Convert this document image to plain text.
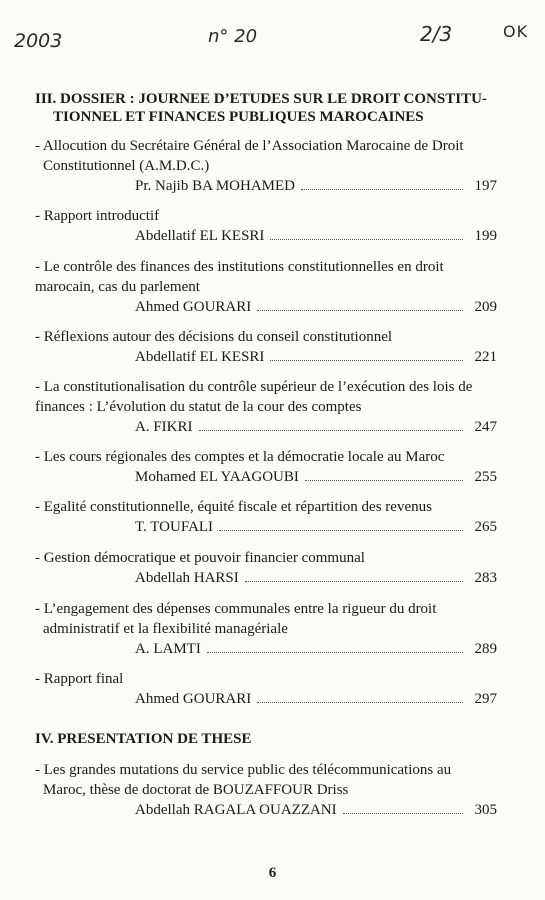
2003	n° 20	2/3	OK
III. DOSSIER : JOURNEE D’ETUDES SUR LE DROIT CONSTITU-
TIONNEL ET FINANCES PUBLIQUES MAROCAINES
- Allocution du Secrétaire Général de l’Association Marocaine de Droit
Constitutionnel (A.M.D.C.)
Pr. Najib BA MOHAMED	197
- Rapport introductif
Abdellatif EL KESRI	199
- Le contrôle des finances des institutions constitutionnelles en droit
marocain, cas du parlement
Ahmed GOURARI	209
- Réflexions autour des décisions du conseil constitutionnel
Abdellatif EL KESRI	221
- La constitutionalisation du contrôle supérieur de l’exécution des lois de
finances : L’évolution du statut de la cour des comptes
A. FIKRI	247
- Les cours régionales des comptes et la démocratie locale au Maroc
Mohamed EL YAAGOUBI	255
- Egalité constitutionnelle, équité fiscale et répartition des revenus
T. TOUFALI	265
- Gestion démocratique et pouvoir financier communal
Abdellah HARSI	283
- L’engagement des dépenses communales entre la rigueur du droit
administratif et la flexibilité managériale
A. LAMTI	289
- Rapport final
Ahmed GOURARI	297
IV. PRESENTATION DE THESE
- Les grandes mutations du service public des télécommunications au
Maroc, thèse de doctorat de BOUZAFFOUR Driss
Abdellah RAGALA OUAZZANI	305
6
